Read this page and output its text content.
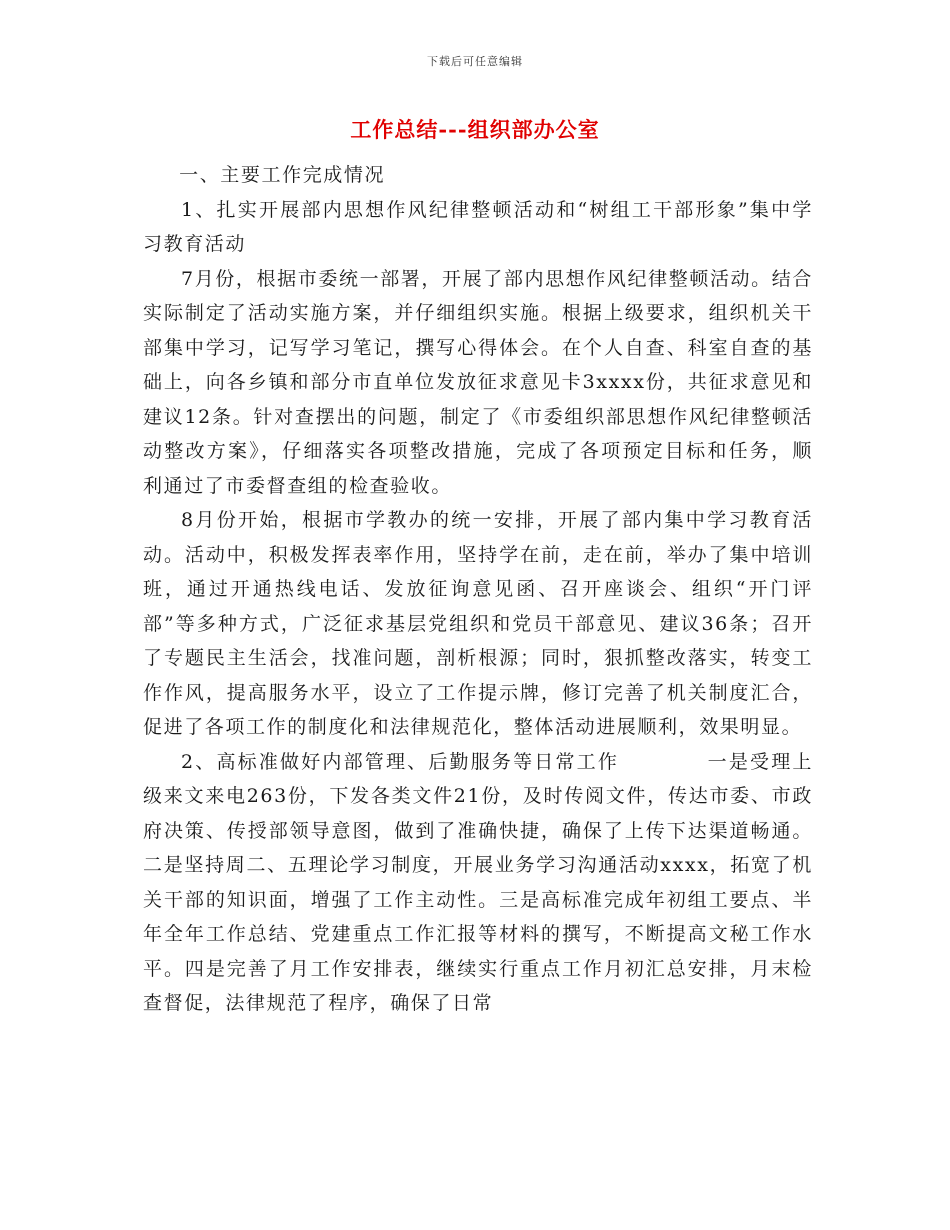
下载后可任意编辑
工作总结---组织部办公室

一、主要工作完成情况

1、扎实开展部内思想作风纪律整顿活动和“树组工干部形象”集中学习教育活动

7月份，根据市委统一部署，开展了部内思想作风纪律整顿活动。结合实际制定了活动实施方案，并仔细组织实施。根据上级要求，组织机关干部集中学习，记写学习笔记，撰写心得体会。在个人自查、科室自查的基础上，向各乡镇和部分市直单位发放征求意见卡3xxxx份，共征求意见和建议12条。针对查摆出的问题，制定了《市委组织部思想作风纪律整顿活动整改方案》，仔细落实各项整改措施，完成了各项预定目标和任务，顺利通过了市委督查组的检查验收。

8月份开始，根据市学教办的统一安排，开展了部内集中学习教育活动。活动中，积极发挥表率作用，坚持学在前，走在前，举办了集中培训班，通过开通热线电话、发放征询意见函、召开座谈会、组织“开门评部”等多种方式，广泛征求基层党组织和党员干部意见、建议36条；召开了专题民主生活会，找准问题，剖析根源；同时，狠抓整改落实，转变工作作风，提高服务水平，设立了工作提示牌，修订完善了机关制度汇合，促进了各项工作的制度化和法律规范化，整体活动进展顺利，效果明显。

2、高标准做好内部管理、后勤服务等日常工作	一是受理上级来文来电263份，下发各类文件21份，及时传阅文件，传达市委、市政府决策、传授部领导意图，做到了准确快捷，确保了上传下达渠道畅通。二是坚持周二、五理论学习制度，开展业务学习沟通活动xxxx，拓宽了机关干部的知识面，增强了工作主动性。三是高标准完成年初组工要点、半年全年工作总结、党建重点工作汇报等材料的撰写，不断提高文秘工作水平。四是完善了月工作安排表，继续实行重点工作月初汇总安排，月末检查督促，法律规范了程序，确保了日常
